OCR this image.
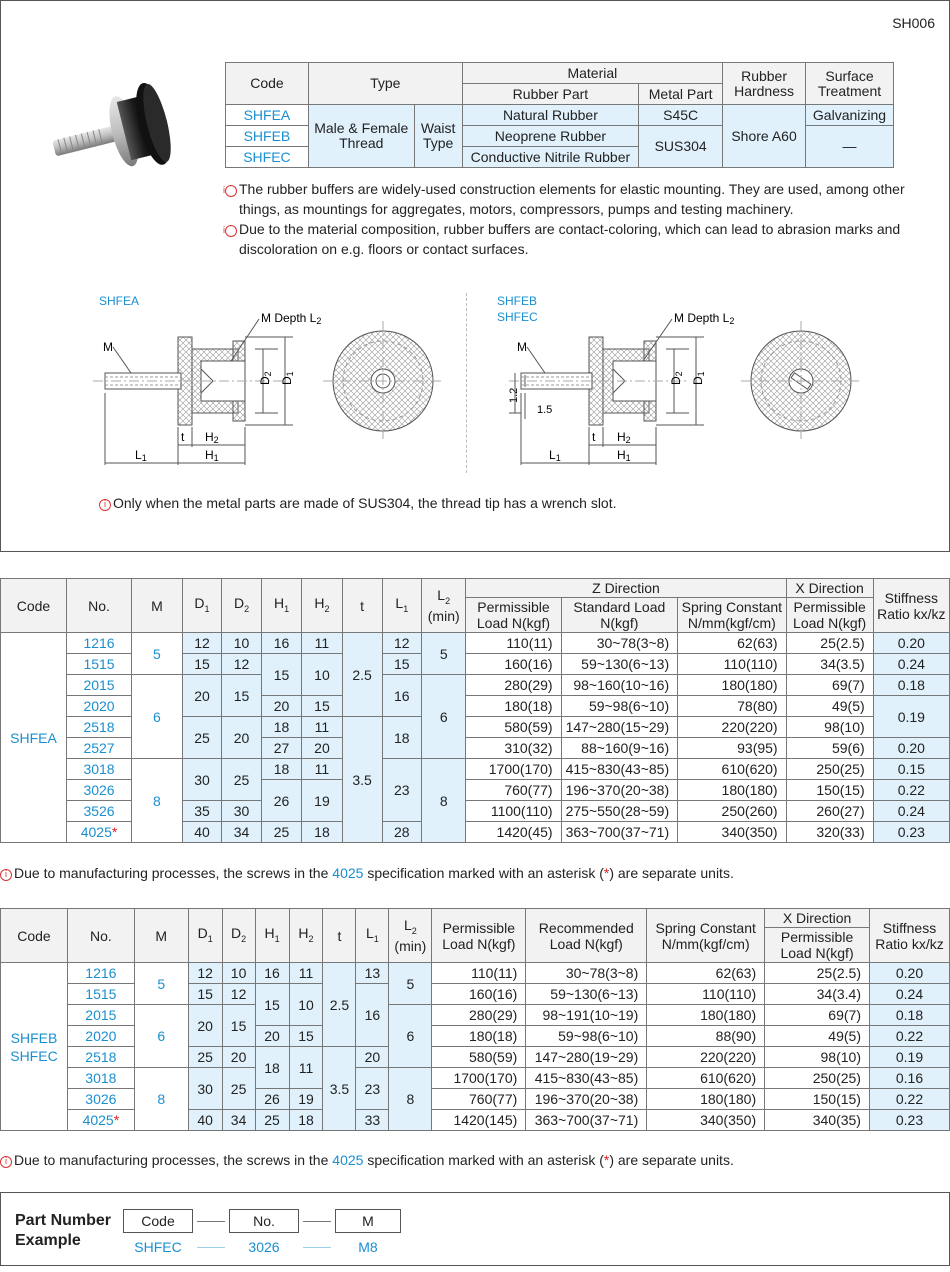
SH006
Code	Type		Material		Rubber Hardness	Surface Treatment
			Rubber Part	Metal Part		
SHFEA	Male & Female Thread	Waist Type	Natural Rubber	S45C	Shore A60	Galvanizing
SHFEB			Neoprene Rubber	SUS304		—
SHFEC			Conductive Nitrile Rubber			

i The rubber buffers are widely-used construction elements for elastic mounting. They are used, among other things, as mountings for aggregates, motors, compressors, pumps and testing machinery.

i Due to the material composition, rubber buffers are contact-coloring, which can lead to abrasion marks and discoloration on e.g. floors or contact surfaces.

SHFEA
M
M Depth L2
D2
D1
t H2
L1	H1
SHFEB
SHFEC
M
M Depth L2
1.2
1.5
D2
D1
t H2
L1	H1
i Only when the metal parts are made of SUS304, the thread tip has a wrench slot.
Code	No.	M	$D_1$	$D_2$	$H_1$	$H_2$	t	$L_1$	$L_2$
(min)	Z Direction			X Direction	Stiffness Ratio kx/kz
										Permissible Load N(kgf)	Standard Load N(kgf)	Spring Constant N/mm(kgf/cm)	Permissible Load N(kgf)	
SHFEA	1216	5	12	10	16	11	2.5	12	5	110(11)	30~78(3~8)	62(63)	25(2.5)	0.20
	1515		15	12	15	10		15		160(16)	59~130(6~13)	110(110)	34(3.5)	0.24
	2015	6	20	15				16	6	280(29)	98~160(10~16)	180(180)	69(7)	0.18
	2020				20	15				180(18)	59~98(6~10)	78(80)	49(5)	0.19
	2518		25	20	18	11	3.5	18		580(59)	147~280(15~29)	220(220)	98(10)	
	2527				27	20				310(32)	88~160(9~16)	93(95)	59(6)	0.20
	3018	8	30	25	18	11		23	8	1700(170)	415~830(43~85)	610(620)	250(25)	0.15
	3026				26	19				760(77)	196~370(20~38)	180(180)	150(15)	0.22
	3526		35	30						1100(110)	275~550(28~59)	250(260)	260(27)	0.24
	4025*		40	34	25	18		28		1420(45)	363~700(37~71)	340(350)	320(33)	0.23
i Due to manufacturing processes, the screws in the 4025 specification marked with an asterisk (*) are separate units.
Code	No.	M	$D_1$	$D_2$	$H_1$	$H_2$	t	$L_1$	$L_2$
(min)	Permissible Load N(kgf)	Recommended Load N(kgf)	Spring Constant N/mm(kgf/cm)	X Direction	Stiffness Ratio kx/kz
													Permissible Load N(kgf)	
SHFEB
SHFEC	1216	5	12	10	16	11	2.5	13	5	110(11)	30~78(3~8)	62(63)	25(2.5)	0.20
	1515		15	12	15	10		16		160(16)	59~130(6~13)	110(110)	34(3.4)	0.24
	2015	6	20	15					6	280(29)	98~191(10~19)	180(180)	69(7)	0.18
	2020				20	15				180(18)	59~98(6~10)	88(90)	49(5)	0.22
	2518		25	20	18	11	3.5	20		580(59)	147~280(19~29)	220(220)	98(10)	0.19
	3018	8	30	25				23	8	1700(170)	415~830(43~85)	610(620)	250(25)	0.16
	3026				26	19				760(77)	196~370(20~38)	180(180)	150(15)	0.22
	4025*		40	34	25	18		33		1420(145)	363~700(37~71)	340(350)	340(35)	0.23
i Due to manufacturing processes, the screws in the 4025 specification marked with an asterisk (*) are separate units.
Part Number
Example
Code	No.	M
SHFEC	3026	M8
